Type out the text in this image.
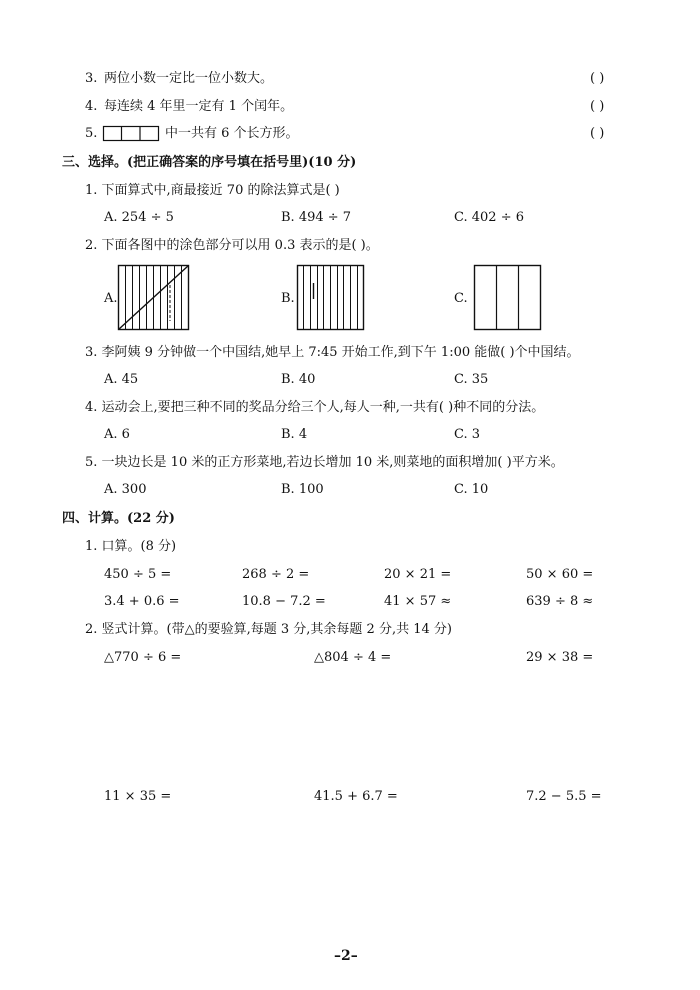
3. 两位小数一定比一位小数大。	( )
4. 每连续 4 年里一定有 1 个闰年。	( )
5.	中一共有 6 个长方形。	( )
三、选择。(把正确答案的序号填在括号里)(10 分)
1. 下面算式中,商最接近 70 的除法算式是( )
A. 254 ÷ 5	B. 494 ÷ 7	C. 402 ÷ 6
2. 下面各图中的涂色部分可以用 0.3 表示的是( )。
A.	B.	C.
3. 李阿姨 9 分钟做一个中国结,她早上 7:45 开始工作,到下午 1:00 能做( )个中国结。
A. 45	B. 40	C. 35
4. 运动会上,要把三种不同的奖品分给三个人,每人一种,一共有( )种不同的分法。
A. 6	B. 4	C. 3
5. 一块边长是 10 米的正方形菜地,若边长增加 10 米,则菜地的面积增加( )平方米。
A. 300	B. 100	C. 10
四、计算。(22 分)
1. 口算。(8 分)
450 ÷ 5 =	268 ÷ 2 =	20 × 21 =	50 × 60 =
3.4 + 0.6 =	10.8 − 7.2 =	41 × 57 ≈	639 ÷ 8 ≈
2. 竖式计算。(带△的要验算,每题 3 分,其余每题 2 分,共 14 分)
△770 ÷ 6 =	△804 ÷ 4 =	29 × 38 =
11 × 35 =	41.5 + 6.7 =	7.2 − 5.5 =
–2–
